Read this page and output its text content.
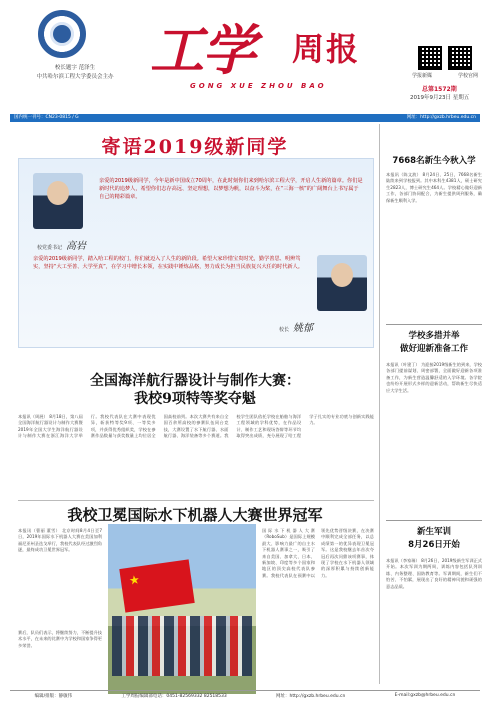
校长题字 范泽生
中共哈尔滨工程大学委员会主办 工学 周报
GONG XUE ZHOU BAO
学报新媒	学校官网
总第1572期
2019年9月23日 星期五
国内统一刊号：CN23-0815 / G	网址：http://gxzb.hrbeu.edu.cn
寄语2019级新同学
亲爱的2019级新同学，今年是新中国成立70周年，在此时刻你们来到哈尔滨工程大学，开启人生新的篇章。你们是新时代的追梦人，希望你们志存高远、坚定理想，以梦想为帆，以奋斗为桨，在“三海一核”的广阔舞台上书写属于自己的精彩篇章。
校党委书记 高岩
亲爱的2019级新同学，踏入哈工程的校门，你们就迈入了人生的新阶段。希望大家珍惜宝贵时光，勤学善思、明辨笃实，坚持“大工至善、大学至真”，在学习中增长本领，在实践中锤炼品格，努力成长为担当民族复兴大任的时代新人。
校长 姚郁
全国海洋航行器设计与制作大赛：
我校9项特等奖夺魁
本报讯（周展） 8月18日，第八届全国海洋航行器设计与制作大赛暨2019年全国大学生海洋航行器设计与制作大赛在浙江海洋大学举行。我校代表队在大赛中表现优异，斩获特等奖9项、一等奖多项，并获得优秀组织奖，学校在参赛作品数量与获奖数量上均位居全国高校前列。本次大赛共有来自全国百余所高校的参赛队伍同台竞技，大赛设置了水下航行器、水面航行器、海洋装备等多个赛道。我校学生团队依托学校在船舶与海洋工程领域的学科优势，在作品设计、制作工艺和现场答辩等环节均取得突出成绩，充分展现了哈工程学子扎实的专业功底与创新实践能力。
我校卫冕国际水下机器人大赛世界冠军
本报讯（曹丽 董雪） 北京时间8月4日至7日，2019年国际水下机器人大赛在美国加利福尼亚州圣迭戈举行，我校代表队经过激烈角逐，最终成功卫冕世界冠军。
★
国际水下机器人大赛（RoboSub）是国际上规模最大、影响力最广的自主水下机器人赛事之一，吸引了来自美国、加拿大、日本、新加坡、印度等多个国家和地区的顶尖高校代表队参赛。我校代表队在预赛中以领先优势晋级决赛，在决赛中顺利完成全部任务，以总成绩第一的优异表现卫冕冠军。这是我校继去年首次夺冠后再次问鼎该项赛事，体现了学校在水下机器人领域的深厚积累与持续创新能力。
赛后，队员们表示，将继续努力，不断提升技术水平，在未来的比赛中为学校和国家争得更多荣誉。
7668名新生今秋入学
本报讯（陈文波） 8月24日、25日，7668名新生陆续来到学校报到。其中本科生4381人，硕士研究生2823人，博士研究生464人。学校精心做好迎新工作，各部门协同配合，为新生提供周到服务，确保新生顺利入学。
学校多措并举
做好迎新准备工作
本报讯（叶建丁） 为迎接2019级新生的到来，学校各部门提前谋划、周密部署，全面做好迎新各项准备工作，为新生营造温馨舒适的入学环境。各学院也纷纷开展形式多样的迎新活动，帮助新生尽快适应大学生活。
新生军训
8月26日开始
本报讯（李家瑞） 8月26日，2019级新生军训正式开始。本次军训为期两周，训练内容包括队列训练、内务整理、国防教育等。军训期间，新生们不怕苦、不怕累，展现出了良好的精神风貌和顽强的意志品质。
编辑/排版：静敏伟	工学周报编辑部电话：0451-82569332 82518533	网址：http://gxzb.hrbeu.edu.cn	E-mail:gxzb@hrbeu.edu.cn
